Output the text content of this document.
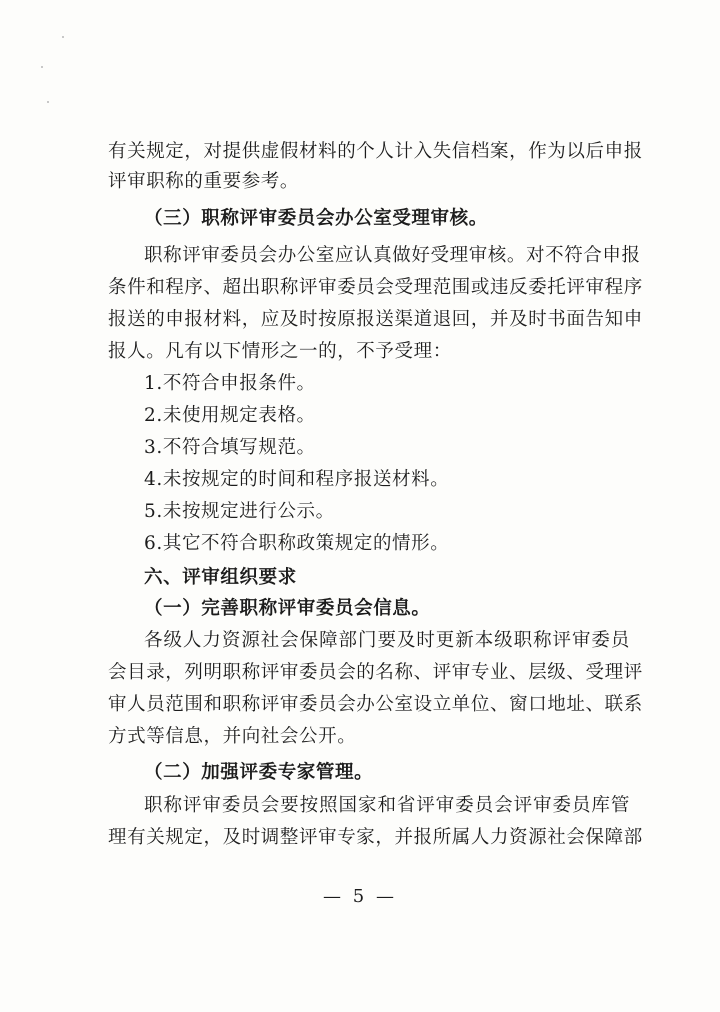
有关规定，对提供虚假材料的个人计入失信档案，作为以后申报
评审职称的重要参考。
（三）职称评审委员会办公室受理审核。
职称评审委员会办公室应认真做好受理审核。对不符合申报
条件和程序、超出职称评审委员会受理范围或违反委托评审程序
报送的申报材料，应及时按原报送渠道退回，并及时书面告知申
报人。凡有以下情形之一的，不予受理：
1.不符合申报条件。
2.未使用规定表格。
3.不符合填写规范。
4.未按规定的时间和程序报送材料。
5.未按规定进行公示。
6.其它不符合职称政策规定的情形。
六、评审组织要求
（一）完善职称评审委员会信息。
各级人力资源社会保障部门要及时更新本级职称评审委员
会目录，列明职称评审委员会的名称、评审专业、层级、受理评
审人员范围和职称评审委员会办公室设立单位、窗口地址、联系
方式等信息，并向社会公开。
（二）加强评委专家管理。
职称评审委员会要按照国家和省评审委员会评审委员库管
理有关规定，及时调整评审专家，并报所属人力资源社会保障部
— 5 —
